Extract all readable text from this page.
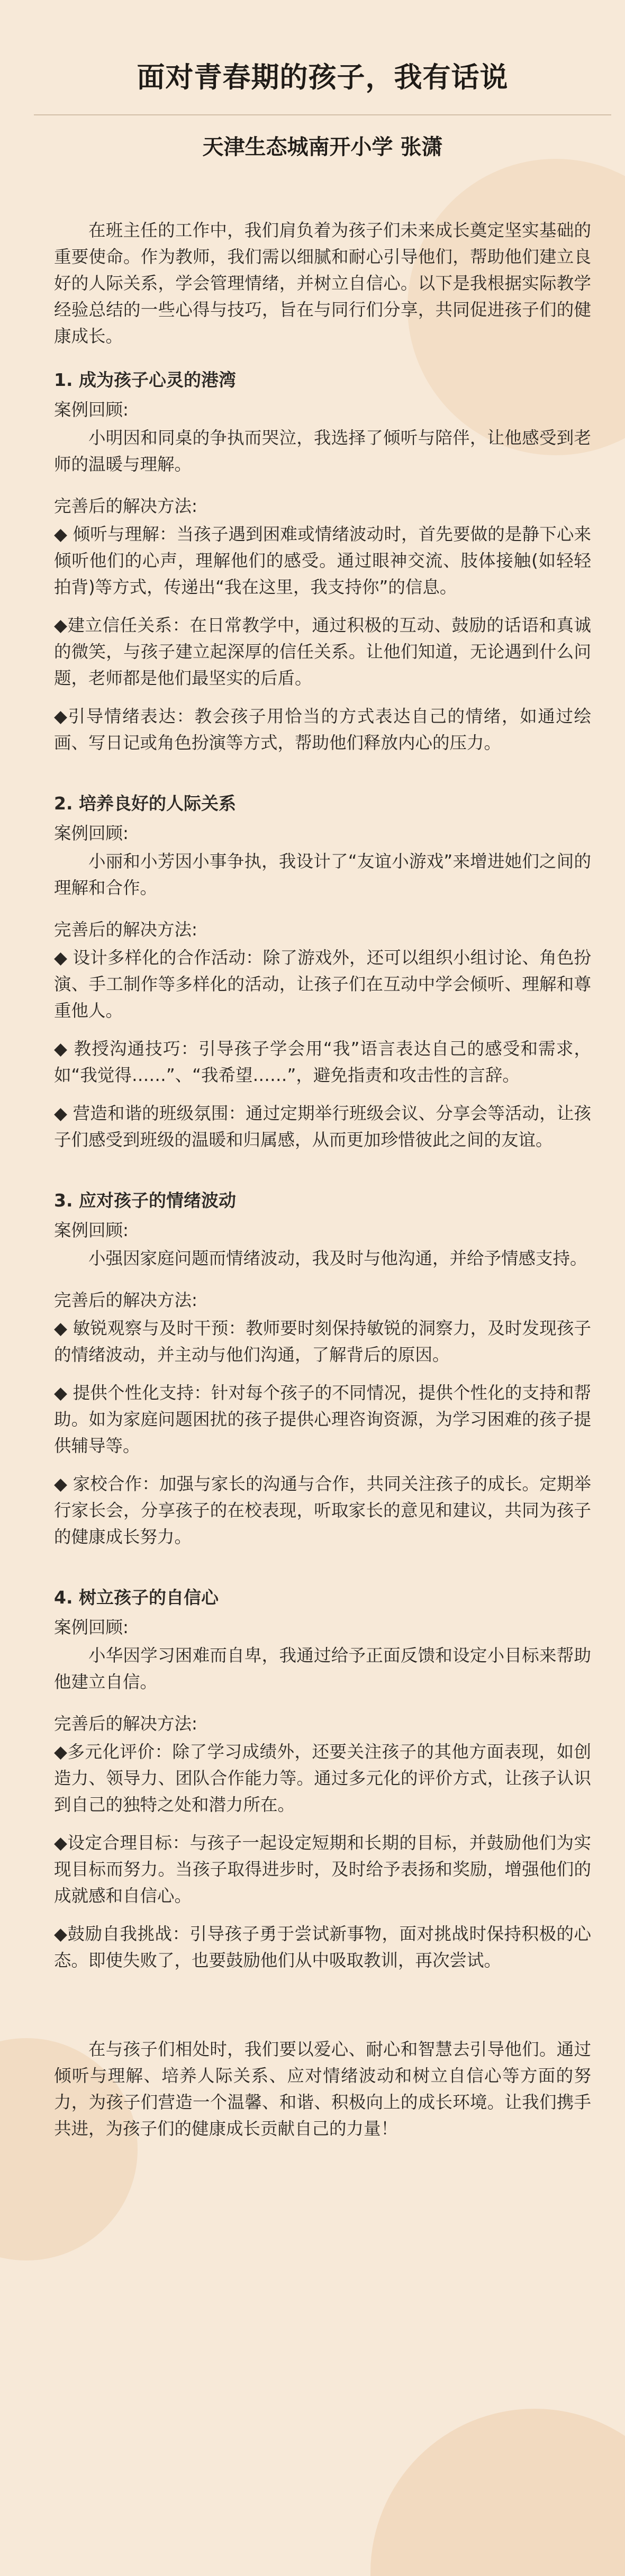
面对青春期的孩子，我有话说
天津生态城南开小学 张潇

在班主任的工作中，我们肩负着为孩子们未来成长奠定坚实基础的重要使命。作为教师，我们需以细腻和耐心引导他们，帮助他们建立良好的人际关系，学会管理情绪，并树立自信心。以下是我根据实际教学经验总结的一些心得与技巧，旨在与同行们分享，共同促进孩子们的健康成长。

1. 成为孩子心灵的港湾

案例回顾:

小明因和同桌的争执而哭泣，我选择了倾听与陪伴，让他感受到老师的温暖与理解。

完善后的解决方法:

◆ 倾听与理解：当孩子遇到困难或情绪波动时，首先要做的是静下心来倾听他们的心声，理解他们的感受。通过眼神交流、肢体接触(如轻轻拍背)等方式，传递出“我在这里，我支持你”的信息。

◆建立信任关系：在日常教学中，通过积极的互动、鼓励的话语和真诚的微笑，与孩子建立起深厚的信任关系。让他们知道，无论遇到什么问题，老师都是他们最坚实的后盾。

◆引导情绪表达：教会孩子用恰当的方式表达自己的情绪，如通过绘画、写日记或角色扮演等方式，帮助他们释放内心的压力。

2. 培养良好的人际关系

案例回顾:

小丽和小芳因小事争执，我设计了“友谊小游戏”来增进她们之间的理解和合作。

完善后的解决方法:

◆ 设计多样化的合作活动：除了游戏外，还可以组织小组讨论、角色扮演、手工制作等多样化的活动，让孩子们在互动中学会倾听、理解和尊重他人。

◆ 教授沟通技巧：引导孩子学会用“我”语言表达自己的感受和需求，如“我觉得……”、“我希望……”，避免指责和攻击性的言辞。

◆ 营造和谐的班级氛围：通过定期举行班级会议、分享会等活动，让孩子们感受到班级的温暖和归属感，从而更加珍惜彼此之间的友谊。

3. 应对孩子的情绪波动

案例回顾:

小强因家庭问题而情绪波动，我及时与他沟通，并给予情感支持。

完善后的解决方法:

◆ 敏锐观察与及时干预：教师要时刻保持敏锐的洞察力，及时发现孩子的情绪波动，并主动与他们沟通，了解背后的原因。

◆ 提供个性化支持：针对每个孩子的不同情况，提供个性化的支持和帮助。如为家庭问题困扰的孩子提供心理咨询资源，为学习困难的孩子提供辅导等。

◆ 家校合作：加强与家长的沟通与合作，共同关注孩子的成长。定期举行家长会，分享孩子的在校表现，听取家长的意见和建议，共同为孩子的健康成长努力。

4. 树立孩子的自信心

案例回顾:

小华因学习困难而自卑，我通过给予正面反馈和设定小目标来帮助他建立自信。

完善后的解决方法:

◆多元化评价：除了学习成绩外，还要关注孩子的其他方面表现，如创造力、领导力、团队合作能力等。通过多元化的评价方式，让孩子认识到自己的独特之处和潜力所在。

◆设定合理目标：与孩子一起设定短期和长期的目标，并鼓励他们为实现目标而努力。当孩子取得进步时，及时给予表扬和奖励，增强他们的成就感和自信心。

◆鼓励自我挑战：引导孩子勇于尝试新事物，面对挑战时保持积极的心态。即使失败了，也要鼓励他们从中吸取教训，再次尝试。

在与孩子们相处时，我们要以爱心、耐心和智慧去引导他们。通过倾听与理解、培养人际关系、应对情绪波动和树立自信心等方面的努力，为孩子们营造一个温馨、和谐、积极向上的成长环境。让我们携手共进，为孩子们的健康成长贡献自己的力量！
